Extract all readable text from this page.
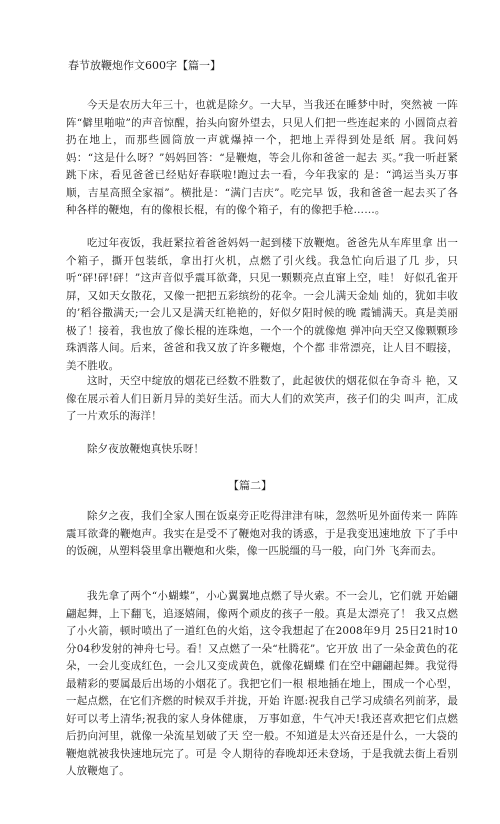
春节放鞭炮作文600字【篇一】

今天是农历大年三十，也就是除夕。一大早，当我还在睡梦中时，突然被 一阵阵“僻里啪啦”的声音惊醒，抬头向窗外望去，只见人们把一些连起来的 小圆筒点着扔在地上，而那些圆筒放一声就爆掉一个，把地上弄得到处是纸 屑。我问妈妈：“这是什么呀？”妈妈回答：“是鞭炮，等会儿你和爸爸一起去 买。”我一听赶紧跳下床，看见爸爸已经贴好春联啦!跑过去一看，今年我家的 是：“鸿运当头万事顺，吉星高照全家福”。横批是：“满门吉庆”。吃完早 饭，我和爸爸一起去买了各种各样的鞭炮，有的像根长棍，有的像个箱子，有的像把手枪……。

吃过年夜饭，我赶紧拉着爸爸妈妈一起到楼下放鞭炮。爸爸先从车库里拿 出一个箱子，撕开包装纸，拿出打火机，点燃了引火线。我急忙向后退了几 步，只听“砰!砰!砰！”这声音似乎震耳欲聋，只见一颗颗亮点直窜上空，哇！ 好似孔雀开屏，又如天女散花，又像一把把五彩缤纷的花伞。一会儿满天金灿 灿的，犹如丰收的’稻谷撒满天;一会儿又是满天红艳艳的，好似夕阳时候的晚 霞铺满天。真是美丽极了！接着，我也放了像长棍的连珠炮，一个一个的就像炮 弹冲向天空又像颗颗珍珠洒落人间。后来，爸爸和我又放了许多鞭炮，个个都 非常漂亮，让人目不暇接，美不胜收。

这时，天空中绽放的烟花已经数不胜数了，此起彼伏的烟花似在争奇斗 艳，又像在展示着人们日新月异的美好生活。而大人们的欢笑声，孩子们的尖 叫声，汇成了一片欢乐的海洋！

除夕夜放鞭炮真快乐呀！

【篇二】

除夕之夜，我们全家人围在饭桌旁正吃得津津有味，忽然听见外面传来一 阵阵震耳欲聋的鞭炮声。我实在是受不了鞭炮对我的诱惑，于是我变迅速地放 下了手中的饭碗，从塑料袋里拿出鞭炮和火柴，像一匹脱缰的马一般，向门外 飞奔而去。

我先拿了两个“小蝴蝶”，小心翼翼地点燃了导火索。不一会儿，它们就 开始翩翩起舞，上下翻飞，追逐嬉闹，像两个顽皮的孩子一般。真是太漂亮了！ 我又点燃了小火箭，顿时喷出了一道红色的火焰，这令我想起了在2008年9月 25日21时10分04秒发射的神舟七号。看！又点燃了一朵“杜腾花”。它开放 出了一朵金黄色的花朵，一会儿变成红色，一会儿又变成黄色，就像花蝴蝶 们在空中翩翩起舞。我觉得最精彩的要属最后出场的小烟花了。我把它们一根 根地插在地上，围成一个心型，一起点燃，在它们齐燃的时候双手并拢，开始 许愿:祝我自己学习成绩名列前茅，最好可以考上清华;祝我的家人身体健康， 万事如意，牛气冲天!我还喜欢把它们点燃后扔向河里，就像一朵流星划破了天 空一般。不知道是太兴奋还是什么，一大袋的鞭炮就被我快速地玩完了。可是 令人期待的春晚却还未登场，于是我就去街上看别人放鞭炮了。
